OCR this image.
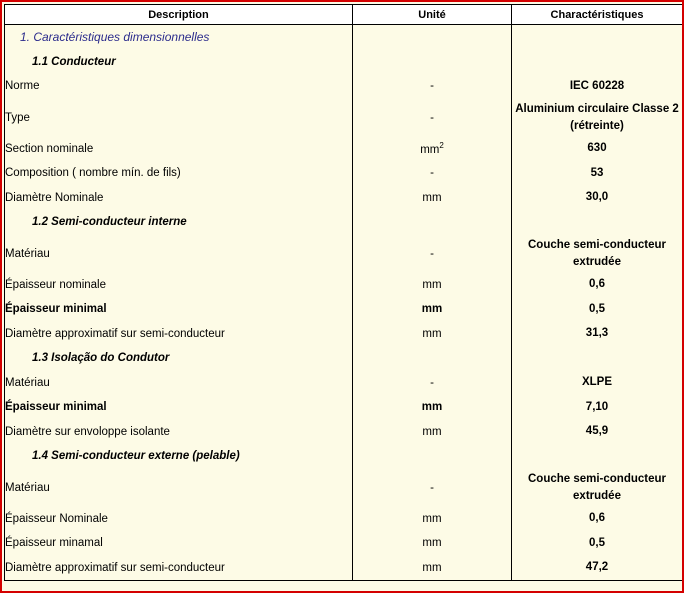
Description	Unité	Charactéristiques
1. Caractéristiques dimensionnelles		
1.1 Conducteur		
Norme	-	IEC 60228
Type	-	Aluminium circulaire Classe 2 (rétreinte)
Section nominale	$mm^2$	630
Composition ( nombre mín. de fils)	-	53
Diamètre Nominale	mm	30,0
1.2 Semi-conducteur interne		
Matériau	-	Couche semi-conducteur extrudée
Épaisseur nominale	mm	0,6
Épaisseur minimal	mm	0,5
Diamètre approximatif sur semi-conducteur	mm	31,3
1.3 Isolação do Condutor		
Matériau	-	XLPE
Épaisseur minimal	mm	7,10
Diamètre sur envoloppe isolante	mm	45,9
1.4 Semi-conducteur externe (pelable)		
Matériau	-	Couche semi-conducteur extrudée
Épaisseur Nominale	mm	0,6
Épaisseur minamal	mm	0,5
Diamètre approximatif sur semi-conducteur	mm	47,2
